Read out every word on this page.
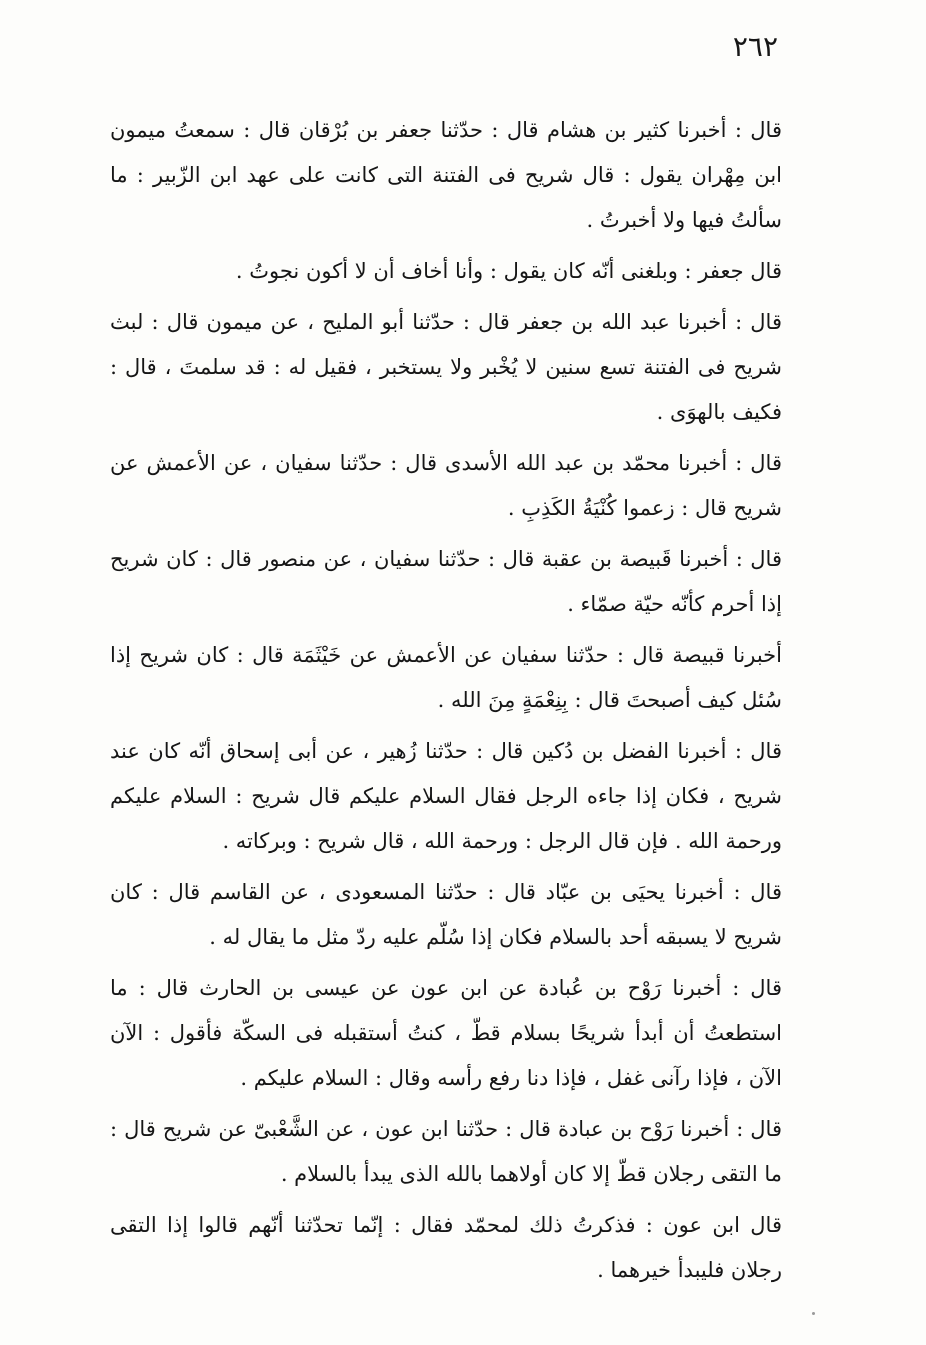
٢٦٢

قال : أخبرنا كثير بن هشام قال : حدّثنا جعفر بن بُرْقان قال : سمعتُ ميمون ابن مِهْران يقول : قال شريح فى الفتنة التى كانت على عهد ابن الزّبير : ما سألتُ فيها ولا أخبرتُ .

قال جعفر : وبلغنى أنّه كان يقول : وأنا أخاف أن لا أكون نجوتُ .

قال : أخبرنا عبد الله بن جعفر قال : حدّثنا أبو المليح ، عن ميمون قال : لبث شريح فى الفتنة تسع سنين لا يُخْبر ولا يستخبر ، فقيل له : قد سلمتَ ، قال : فكيف بالهوَى .

قال : أخبرنا محمّد بن عبد الله الأسدى قال : حدّثنا سفيان ، عن الأعمش عن شريح قال : زعموا كُنْيَةُ الكَذِبِ .

قال : أخبرنا قَبيصة بن عقبة قال : حدّثنا سفيان ، عن منصور قال : كان شريح إذا أحرم كأنّه حيّة صمّاء .

أخبرنا قبيصة قال : حدّثنا سفيان عن الأعمش عن خَيْثَمَة قال : كان شريح إذا سُئل كيف أصبحتَ قال : بِنِعْمَةٍ مِنَ الله .

قال : أخبرنا الفضل بن دُكين قال : حدّثنا زُهير ، عن أبى إسحاق أنّه كان عند شريح ، فكان إذا جاءه الرجل فقال السلام عليكم قال شريح : السلام عليكم ورحمة الله . فإن قال الرجل : ورحمة الله ، قال شريح : وبركاته .

قال : أخبرنا يحيَى بن عبّاد قال : حدّثنا المسعودى ، عن القاسم قال : كان شريح لا يسبقه أحد بالسلام فكان إذا سُلّم عليه ردّ مثل ما يقال له .

قال : أخبرنا رَوْح بن عُبادة عن ابن عون عن عيسى بن الحارث قال : ما استطعتُ أن أبدأ شريحًا بسلام قطّ ، كنتُ أستقبله فى السكّة فأقول : الآن الآن ، فإذا رآنى غفل ، فإذا دنا رفع رأسه وقال : السلام عليكم .

قال : أخبرنا رَوْح بن عبادة قال : حدّثنا ابن عون ، عن الشَّعْبىّ عن شريح قال : ما التقى رجلان قطّ إلا كان أولاهما بالله الذى يبدأ بالسلام .

قال ابن عون : فذكرتُ ذلك لمحمّد فقال : إنّما تحدّثنا أنّهم قالوا إذا التقى رجلان فليبدأ خيرهما .
